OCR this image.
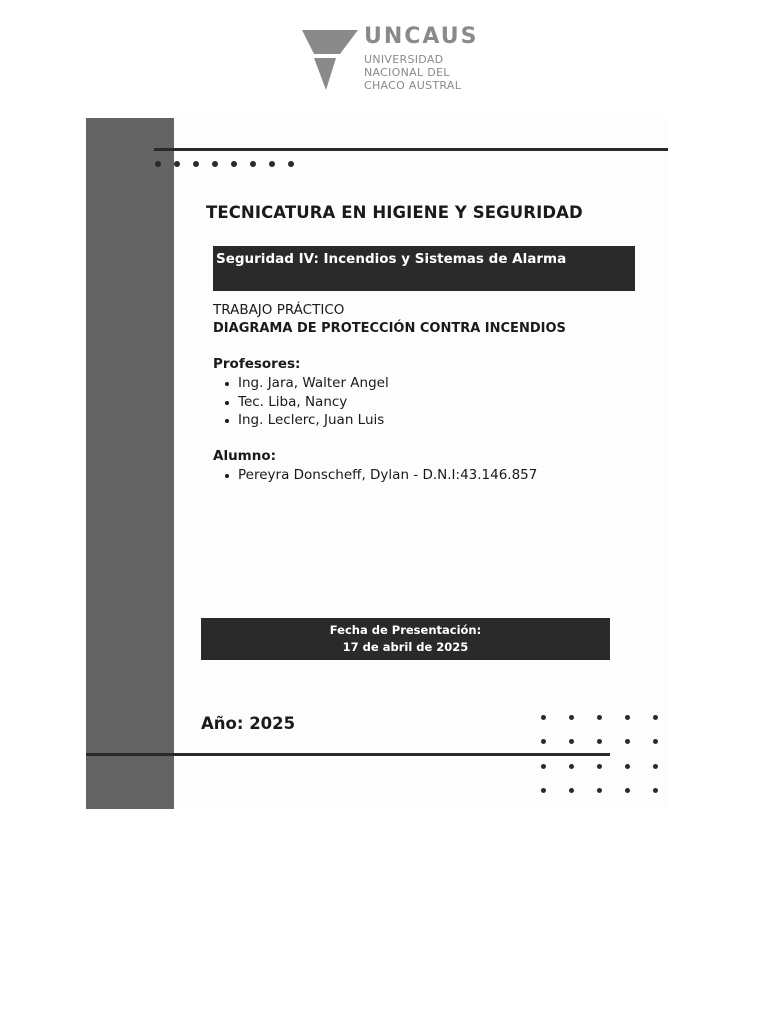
UNCAUS
UNIVERSIDAD
NACIONAL DEL
CHACO AUSTRAL
TECNICATURA EN HIGIENE Y SEGURIDAD
Seguridad IV: Incendios y Sistemas de Alarma
TRABAJO PRÁCTICO
DIAGRAMA DE PROTECCIÓN CONTRA INCENDIOS
Profesores:
Ing. Jara, Walter Angel
Tec. Liba, Nancy
Ing. Leclerc, Juan Luis
Alumno:
Pereyra Donscheff, Dylan - D.N.I:43.146.857
Fecha de Presentación:
17 de abril de 2025
Año: 2025
